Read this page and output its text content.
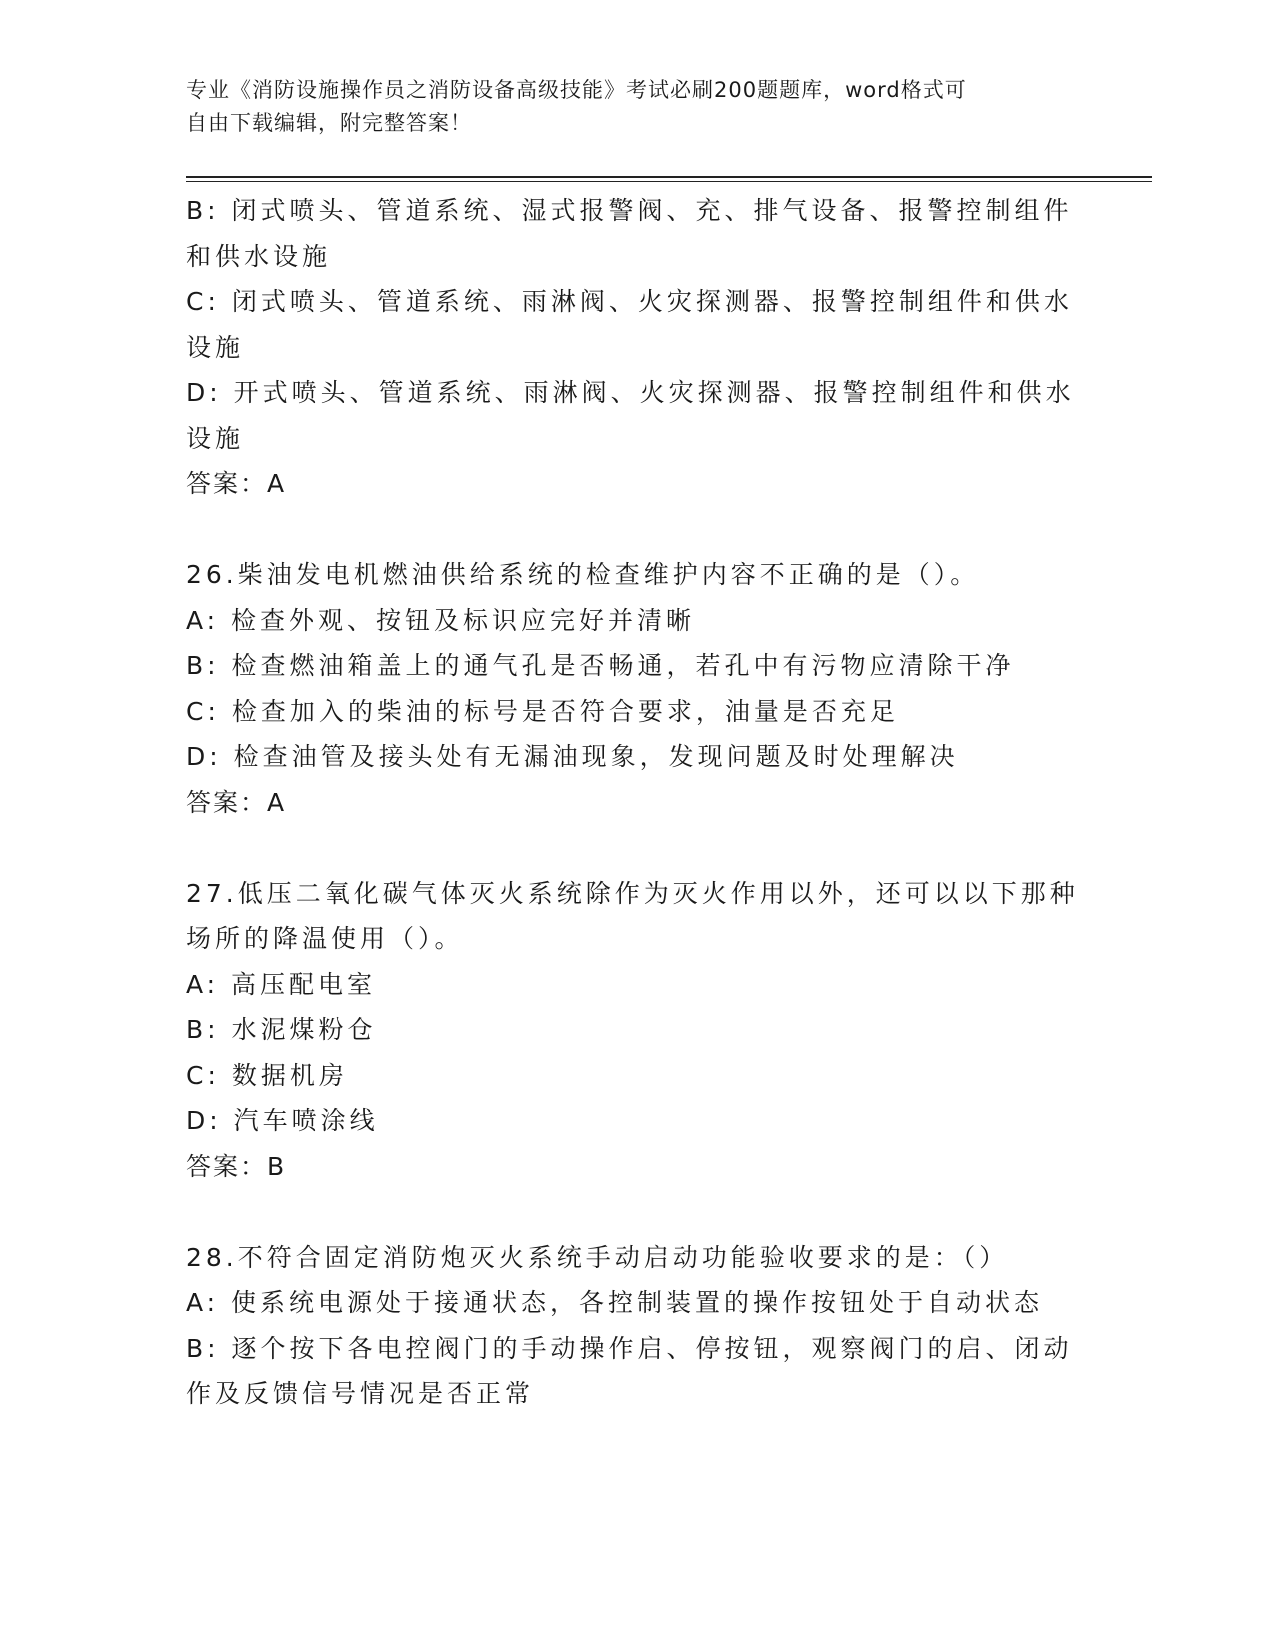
专业《消防设施操作员之消防设备高级技能》考试必刷200题题库，word格式可
自由下载编辑，附完整答案！
B: 闭式喷头、管道系统、湿式报警阀、充、排气设备、报警控制组件
和供水设施
C: 闭式喷头、管道系统、雨淋阀、火灾探测器、报警控制组件和供水
设施
D: 开式喷头、管道系统、雨淋阀、火灾探测器、报警控制组件和供水
设施
答案：A
26.柴油发电机燃油供给系统的检查维护内容不正确的是（）。
A: 检查外观、按钮及标识应完好并清晰
B: 检查燃油箱盖上的通气孔是否畅通，若孔中有污物应清除干净
C: 检查加入的柴油的标号是否符合要求，油量是否充足
D: 检查油管及接头处有无漏油现象，发现问题及时处理解决
答案：A
27.低压二氧化碳气体灭火系统除作为灭火作用以外，还可以以下那种
场所的降温使用（）。
A: 高压配电室
B: 水泥煤粉仓
C: 数据机房
D: 汽车喷涂线
答案：B
28.不符合固定消防炮灭火系统手动启动功能验收要求的是：（）
A: 使系统电源处于接通状态，各控制装置的操作按钮处于自动状态
B: 逐个按下各电控阀门的手动操作启、停按钮，观察阀门的启、闭动
作及反馈信号情况是否正常
